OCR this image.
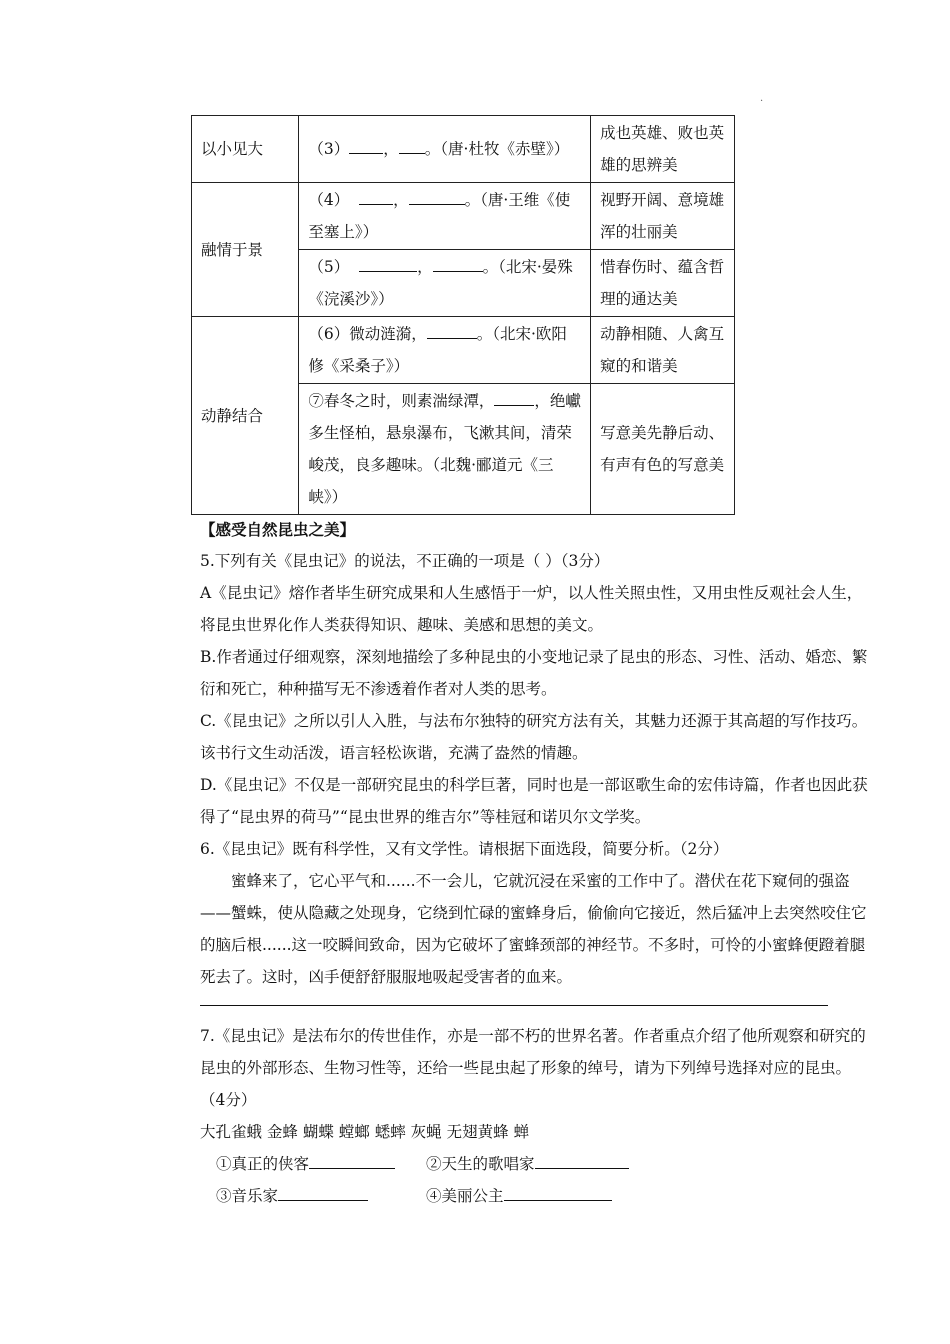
·
以小见大	（3） ， 。（唐·杜牧《赤壁》）	成也英雄、败也英雄的思辨美
融情于景	（4） ， 。（唐·王维《使至塞上》）	视野开阔、意境雄浑的壮丽美
	（5） ， 。（北宋·晏殊《浣溪沙》）	惜春伤时、蕴含哲理的通达美
动静结合	（6）微动涟漪， 。（北宋·欧阳修《采桑子》）	动静相随、人禽互窥的和谐美
	⑦春冬之时，则素湍绿潭， ，绝巘多生怪柏，悬泉瀑布，飞漱其间，清荣峻茂，良多趣味。（北魏·郦道元《三峡》）	写意美先静后动、有声有色的写意美
【感受自然昆虫之美】

5.下列有关《昆虫记》的说法，不正确的一项是（ ）（3分）

A《昆虫记》熔作者毕生研究成果和人生感悟于一炉，以人性关照虫性，又用虫性反观社会人生，将昆虫世界化作人类获得知识、趣味、美感和思想的美文。

B.作者通过仔细观察，深刻地描绘了多种昆虫的小变地记录了昆虫的形态、习性、活动、婚恋、繁衍和死亡，种种描写无不渗透着作者对人类的思考。

C.《昆虫记》之所以引人入胜，与法布尔独特的研究方法有关，其魅力还源于其高超的写作技巧。该书行文生动活泼，语言轻松诙谐，充满了盎然的情趣。

D.《昆虫记》不仅是一部研究昆虫的科学巨著，同时也是一部讴歌生命的宏伟诗篇，作者也因此获得了“昆虫界的荷马”“昆虫世界的维吉尔”等桂冠和诺贝尔文学奖。

6.《昆虫记》既有科学性，又有文学性。请根据下面选段，简要分析。（2分）

蜜蜂来了，它心平气和......不一会儿，它就沉浸在采蜜的工作中了。潜伏在花下窥伺的强盗——蟹蛛，使从隐藏之处现身，它绕到忙碌的蜜蜂身后，偷偷向它接近，然后猛冲上去突然咬住它的脑后根......这一咬瞬间致命，因为它破坏了蜜蜂颈部的神经节。不多时，可怜的小蜜蜂便蹬着腿死去了。这时，凶手便舒舒服服地吸起受害者的血来。

7.《昆虫记》是法布尔的传世佳作，亦是一部不朽的世界名著。作者重点介绍了他所观察和研究的昆虫的外部形态、生物习性等，还给一些昆虫起了形象的绰号，请为下列绰号选择对应的昆虫。（4分）

大孔雀蛾 金蜂 蝴蝶 螳螂 蟋蟀 灰蝇 无翅黄蜂 蝉

①真正的侠客	②天生的歌唱家

③音乐家	④美丽公主
